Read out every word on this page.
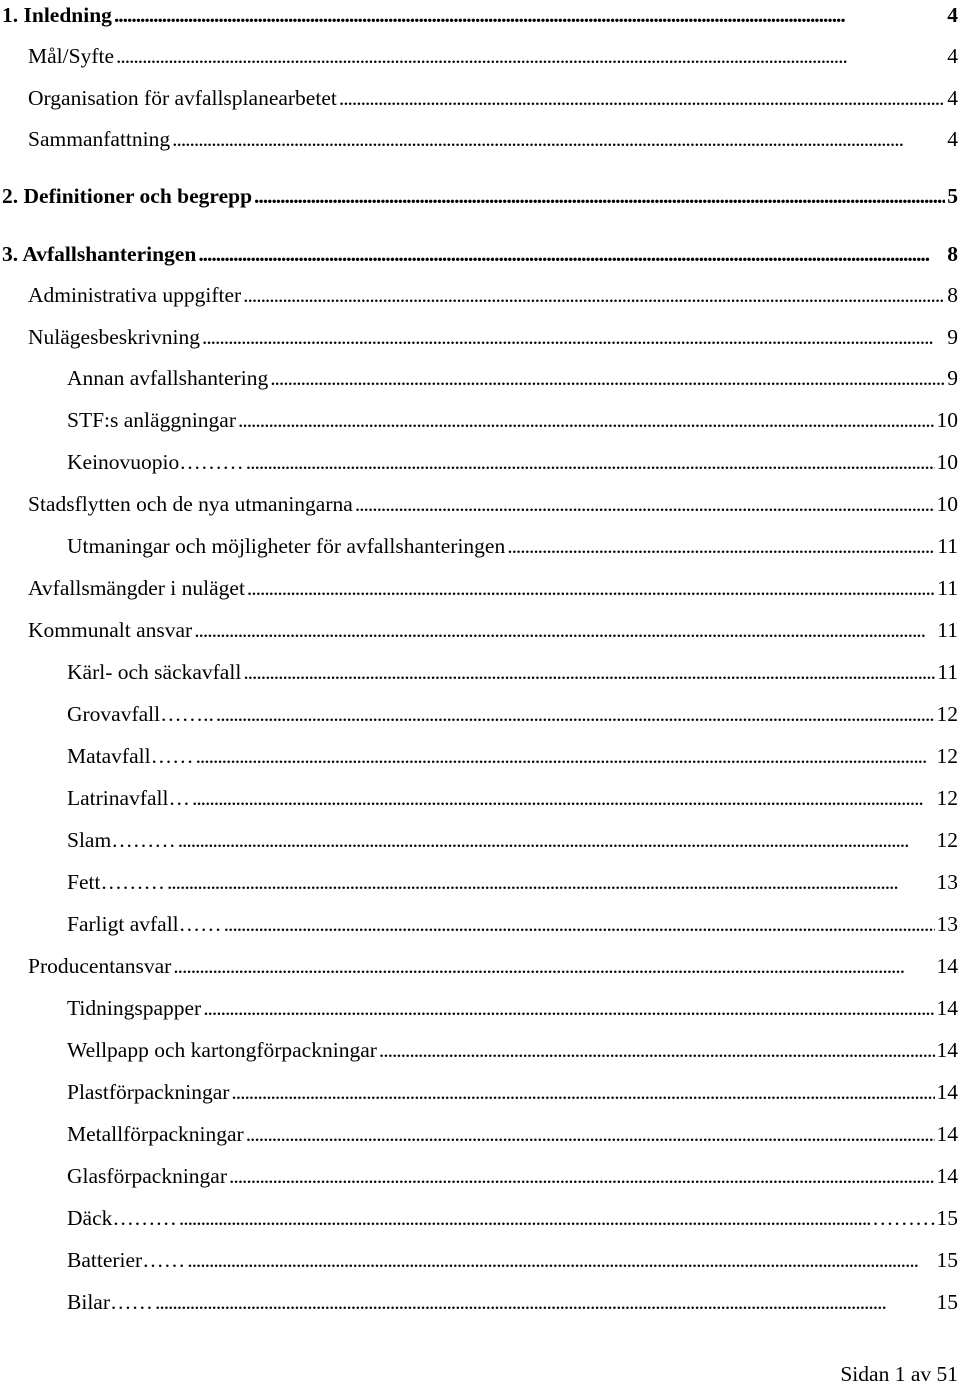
1. Inledning . . .	4
Mål/Syfte . . .	4
Organisation för avfallsplanearbetet . . .	4
Sammanfattning . . .	4
2. Definitioner och begrepp . . .	5
3. Avfallshanteringen . . .	8
Administrativa uppgifter . . .	8
Nulägesbeskrivning . . .	9
Annan avfallshantering . . .	9
STF:s anläggningar . . .	10
Keinovuopio……… . . .	10
Stadsflytten och de nya utmaningarna . . .	10
Utmaningar och möjligheter för avfallshanteringen . . .	11
Avfallsmängder i nuläget . . .	11
Kommunalt ansvar . . .	11
Kärl- och säckavfall . . .	11
Grovavfall…….. . . .	12
Matavfall…… . . .	12
Latrinavfall… . . .	12
Slam……… . . .	12
Fett……… . . .	13
Farligt avfall…… . . .	13
Producentansvar . . .	14
Tidningspapper . . .	14
Wellpapp och kartongförpackningar . . .	14
Plastförpackningar . . .	14
Metallförpackningar . . .	14
Glasförpackningar . . .	14
Däck……… . . .	………15
Batterier…… . . .	15
Bilar…… . . .	15
Sidan 1 av 51
